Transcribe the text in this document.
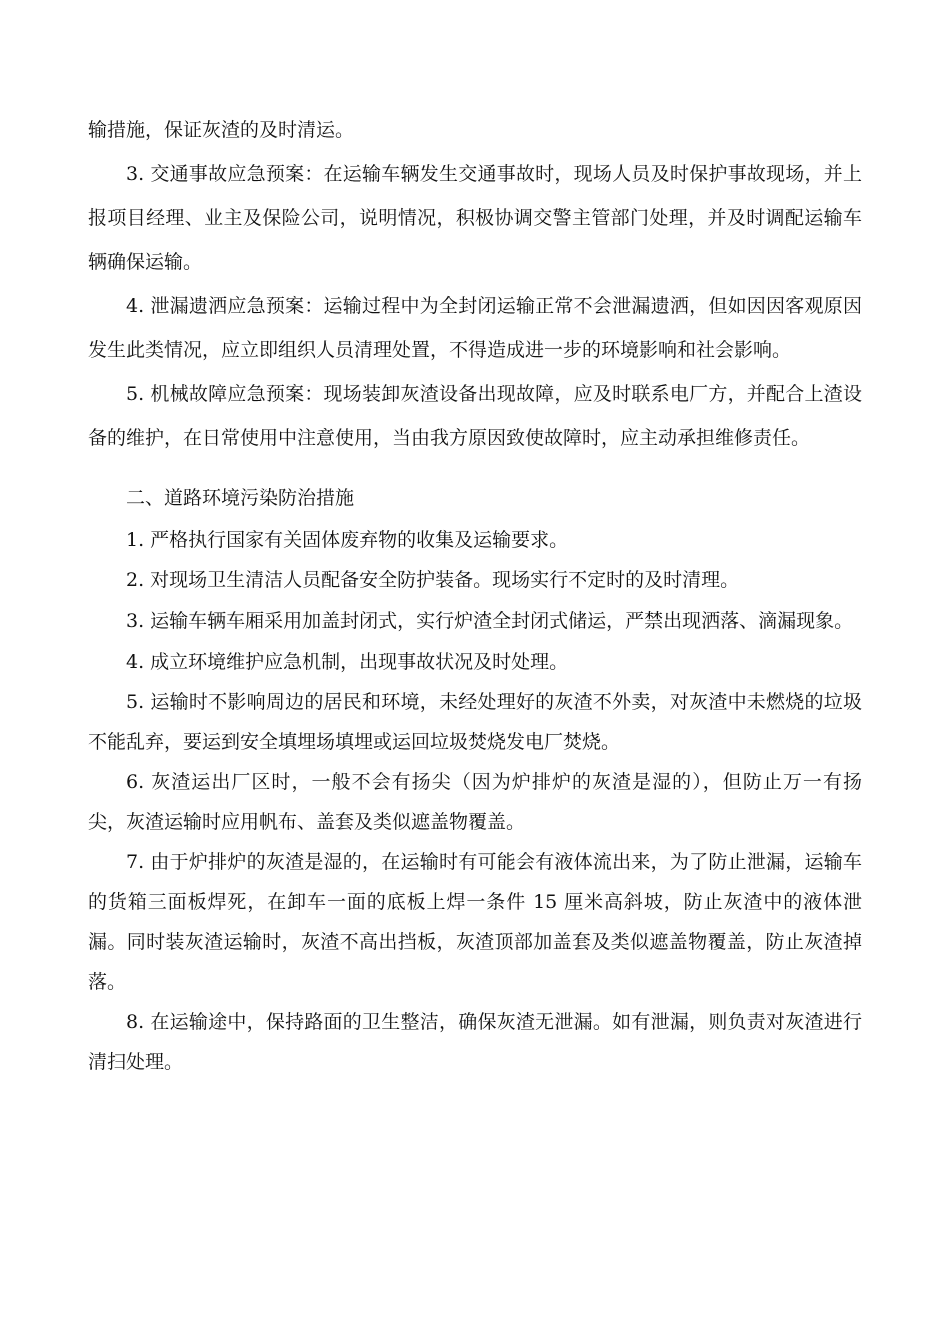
输措施，保证灰渣的及时清运。

3. 交通事故应急预案：在运输车辆发生交通事故时，现场人员及时保护事故现场，并上报项目经理、业主及保险公司，说明情况，积极协调交警主管部门处理，并及时调配运输车辆确保运输。

4. 泄漏遗洒应急预案：运输过程中为全封闭运输正常不会泄漏遗洒，但如因因客观原因发生此类情况，应立即组织人员清理处置，不得造成进一步的环境影响和社会影响。

5. 机械故障应急预案：现场装卸灰渣设备出现故障，应及时联系电厂方，并配合上渣设备的维护，在日常使用中注意使用，当由我方原因致使故障时，应主动承担维修责任。

二、道路环境污染防治措施

1. 严格执行国家有关固体废弃物的收集及运输要求。

2. 对现场卫生清洁人员配备安全防护装备。现场实行不定时的及时清理。

3. 运输车辆车厢采用加盖封闭式，实行炉渣全封闭式储运，严禁出现洒落、滴漏现象。

4. 成立环境维护应急机制，出现事故状况及时处理。

5. 运输时不影响周边的居民和环境，未经处理好的灰渣不外卖，对灰渣中未燃烧的垃圾不能乱弃，要运到安全填埋场填埋或运回垃圾焚烧发电厂焚烧。

6. 灰渣运出厂区时，一般不会有扬尖（因为炉排炉的灰渣是湿的），但防止万一有扬尖，灰渣运输时应用帆布、盖套及类似遮盖物覆盖。

7. 由于炉排炉的灰渣是湿的，在运输时有可能会有液体流出来，为了防止泄漏，运输车的货箱三面板焊死，在卸车一面的底板上焊一条件 15 厘米高斜坡，防止灰渣中的液体泄漏。同时装灰渣运输时，灰渣不高出挡板，灰渣顶部加盖套及类似遮盖物覆盖，防止灰渣掉落。

8. 在运输途中，保持路面的卫生整洁，确保灰渣无泄漏。如有泄漏，则负责对灰渣进行清扫处理。
